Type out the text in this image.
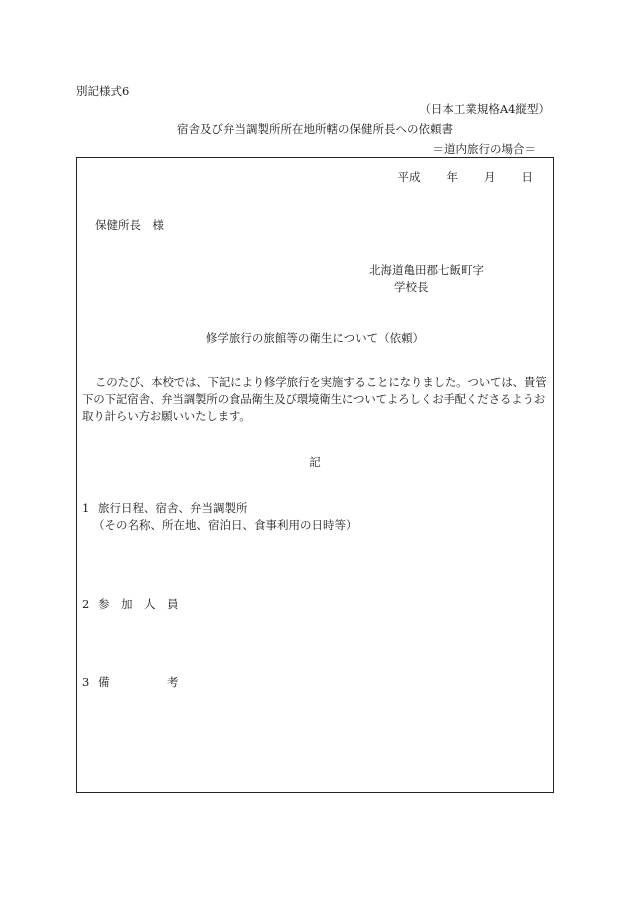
別記様式6
（日本工業規格A4縦型）
宿舎及び弁当調製所所在地所轄の保健所長への依頼書
＝道内旅行の場合＝
平成 年 月 日
保健所長　様
北海道亀田郡七飯町字
学校長
修学旅行の旅館等の衛生について（依頼）
このたび、本校では、下記により修学旅行を実施することになりました。ついては、貴管下の下記宿舎、弁当調製所の食品衛生及び環境衛生についてよろしくお手配くださるようお取り計らい方お願いいたします。
記
1 旅行日程、宿舎、弁当調製所
（その名称、所在地、宿泊日、食事利用の日時等）
2 参　加　人　員
3 備　　　　　考
